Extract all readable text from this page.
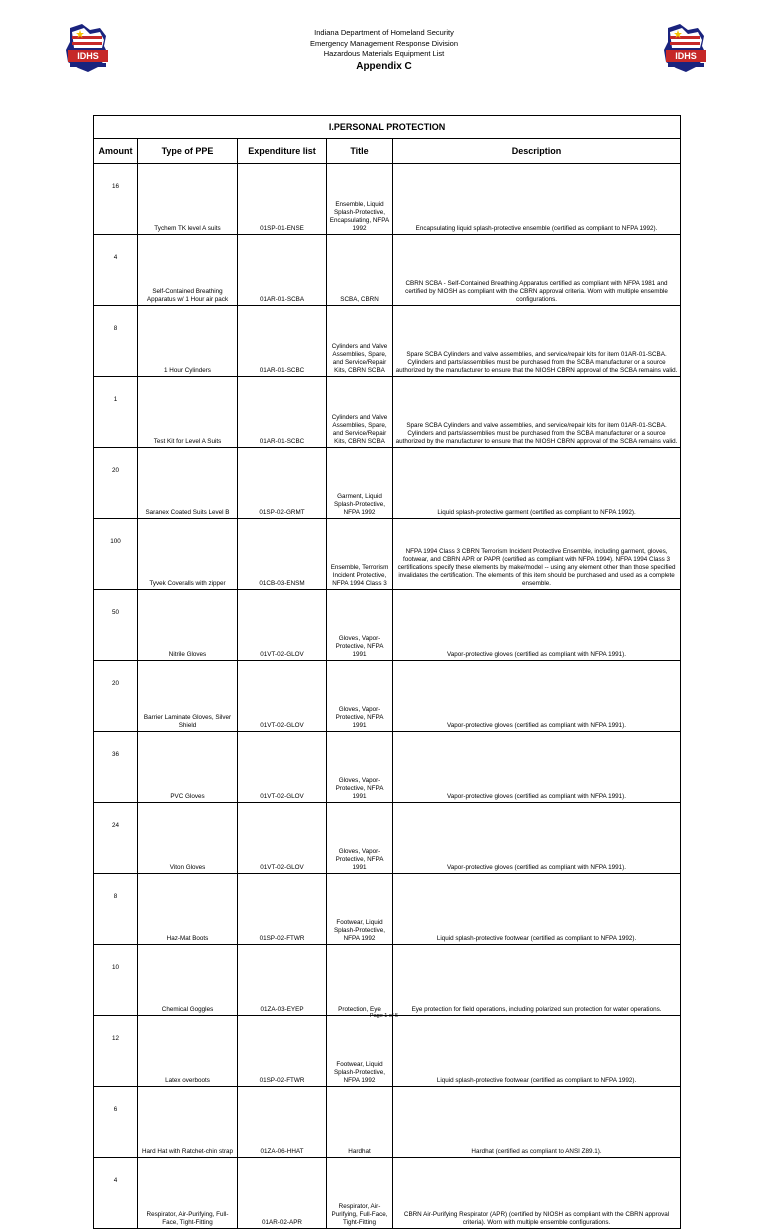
IDHS	IDHS
Indiana Department of Homeland Security
Emergency Management Response Division
Hazardous Materials Equipment List
Appendix C
I.PERSONAL PROTECTION				
Amount	Type of PPE	Expenditure list	Title	Description
16	Tychem TK level A suits	01SP-01-ENSE	Ensemble, Liquid Splash-Protective, Encapsulating, NFPA 1992	Encapsulating liquid splash-protective ensemble (certified as compliant to NFPA 1992).
4	Self-Contained Breathing Apparatus w/ 1 Hour air pack	01AR-01-SCBA	SCBA, CBRN	CBRN SCBA - Self-Contained Breathing Apparatus certified as compliant with NFPA 1981 and certified by NIOSH as compliant with the CBRN approval criteria. Worn with multiple ensemble configurations.
8	1 Hour Cylinders	01AR-01-SCBC	Cylinders and Valve Assemblies, Spare, and Service/Repair Kits, CBRN SCBA	Spare SCBA Cylinders and valve assemblies, and service/repair kits for item 01AR-01-SCBA. Cylinders and parts/assemblies must be purchased from the SCBA manufacturer or a source authorized by the manufacturer to ensure that the NIOSH CBRN approval of the SCBA remains valid.
1	Test Kit for Level A Suits	01AR-01-SCBC	Cylinders and Valve Assemblies, Spare, and Service/Repair Kits, CBRN SCBA	Spare SCBA Cylinders and valve assemblies, and service/repair kits for item 01AR-01-SCBA. Cylinders and parts/assemblies must be purchased from the SCBA manufacturer or a source authorized by the manufacturer to ensure that the NIOSH CBRN approval of the SCBA remains valid.
20	Saranex Coated Suits Level B	01SP-02-GRMT	Garment, Liquid Splash-Protective, NFPA 1992	Liquid splash-protective garment (certified as compliant to NFPA 1992).
100	Tyvek Coveralls with zipper	01CB-03-ENSM	Ensemble, Terrorism Incident Protective, NFPA 1994 Class 3	NFPA 1994 Class 3 CBRN Terrorism Incident Protective Ensemble, including garment, gloves, footwear, and CBRN APR or PAPR (certified as compliant with NFPA 1994). NFPA 1994 Class 3 certifications specify these elements by make/model -- using any element other than those specified invalidates the certification. The elements of this item should be purchased and used as a complete ensemble.
50	Nitrile Gloves	01VT-02-GLOV	Gloves, Vapor-Protective, NFPA 1991	Vapor-protective gloves (certified as compliant with NFPA 1991).
20	Barrier Laminate Gloves, Silver Shield	01VT-02-GLOV	Gloves, Vapor-Protective, NFPA 1991	Vapor-protective gloves (certified as compliant with NFPA 1991).
36	PVC Gloves	01VT-02-GLOV	Gloves, Vapor-Protective, NFPA 1991	Vapor-protective gloves (certified as compliant with NFPA 1991).
24	Viton Gloves	01VT-02-GLOV	Gloves, Vapor-Protective, NFPA 1991	Vapor-protective gloves (certified as compliant with NFPA 1991).
8	Haz-Mat Boots	01SP-02-FTWR	Footwear, Liquid Splash-Protective, NFPA 1992	Liquid splash-protective footwear (certified as compliant to NFPA 1992).
10	Chemical Goggles	01ZA-03-EYEP	Protection, Eye	Eye protection for field operations, including polarized sun protection for water operations.
12	Latex overboots	01SP-02-FTWR	Footwear, Liquid Splash-Protective, NFPA 1992	Liquid splash-protective footwear (certified as compliant to NFPA 1992).
6	Hard Hat with Ratchet-chin strap	01ZA-06-HHAT	Hardhat	Hardhat (certified as compliant to ANSI Z89.1).
4	Respirator, Air-Purifying, Full-Face, Tight-Fitting	01AR-02-APR	Respirator, Air-Purifying, Full-Face, Tight-Fitting	CBRN Air-Purifying Respirator (APR) (certified by NIOSH as compliant with the CBRN approval criteria). Worn with multiple ensemble configurations.
Page 1 of 5
